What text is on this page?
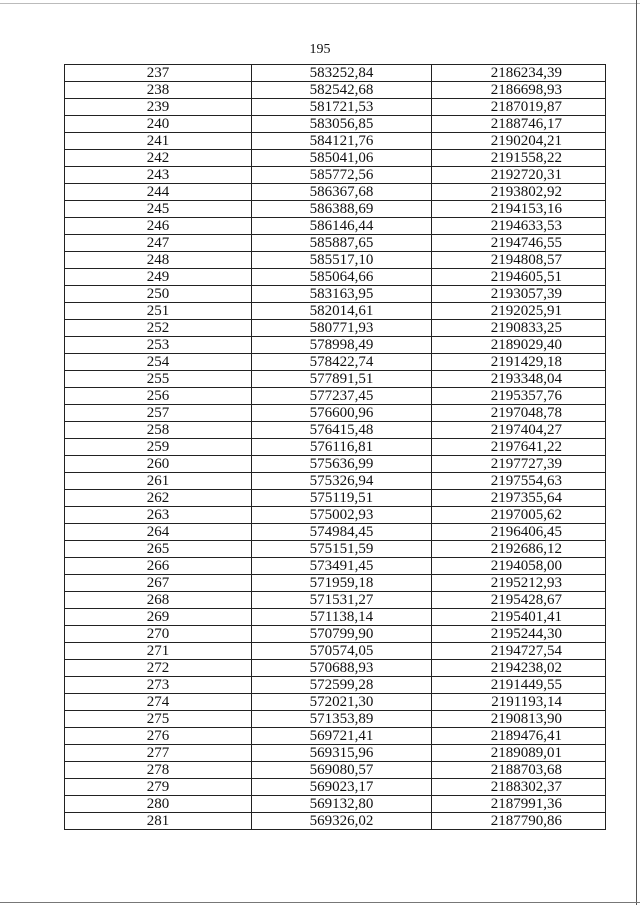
195
237	583252,84	2186234,39
238	582542,68	2186698,93
239	581721,53	2187019,87
240	583056,85	2188746,17
241	584121,76	2190204,21
242	585041,06	2191558,22
243	585772,56	2192720,31
244	586367,68	2193802,92
245	586388,69	2194153,16
246	586146,44	2194633,53
247	585887,65	2194746,55
248	585517,10	2194808,57
249	585064,66	2194605,51
250	583163,95	2193057,39
251	582014,61	2192025,91
252	580771,93	2190833,25
253	578998,49	2189029,40
254	578422,74	2191429,18
255	577891,51	2193348,04
256	577237,45	2195357,76
257	576600,96	2197048,78
258	576415,48	2197404,27
259	576116,81	2197641,22
260	575636,99	2197727,39
261	575326,94	2197554,63
262	575119,51	2197355,64
263	575002,93	2197005,62
264	574984,45	2196406,45
265	575151,59	2192686,12
266	573491,45	2194058,00
267	571959,18	2195212,93
268	571531,27	2195428,67
269	571138,14	2195401,41
270	570799,90	2195244,30
271	570574,05	2194727,54
272	570688,93	2194238,02
273	572599,28	2191449,55
274	572021,30	2191193,14
275	571353,89	2190813,90
276	569721,41	2189476,41
277	569315,96	2189089,01
278	569080,57	2188703,68
279	569023,17	2188302,37
280	569132,80	2187991,36
281	569326,02	2187790,86
